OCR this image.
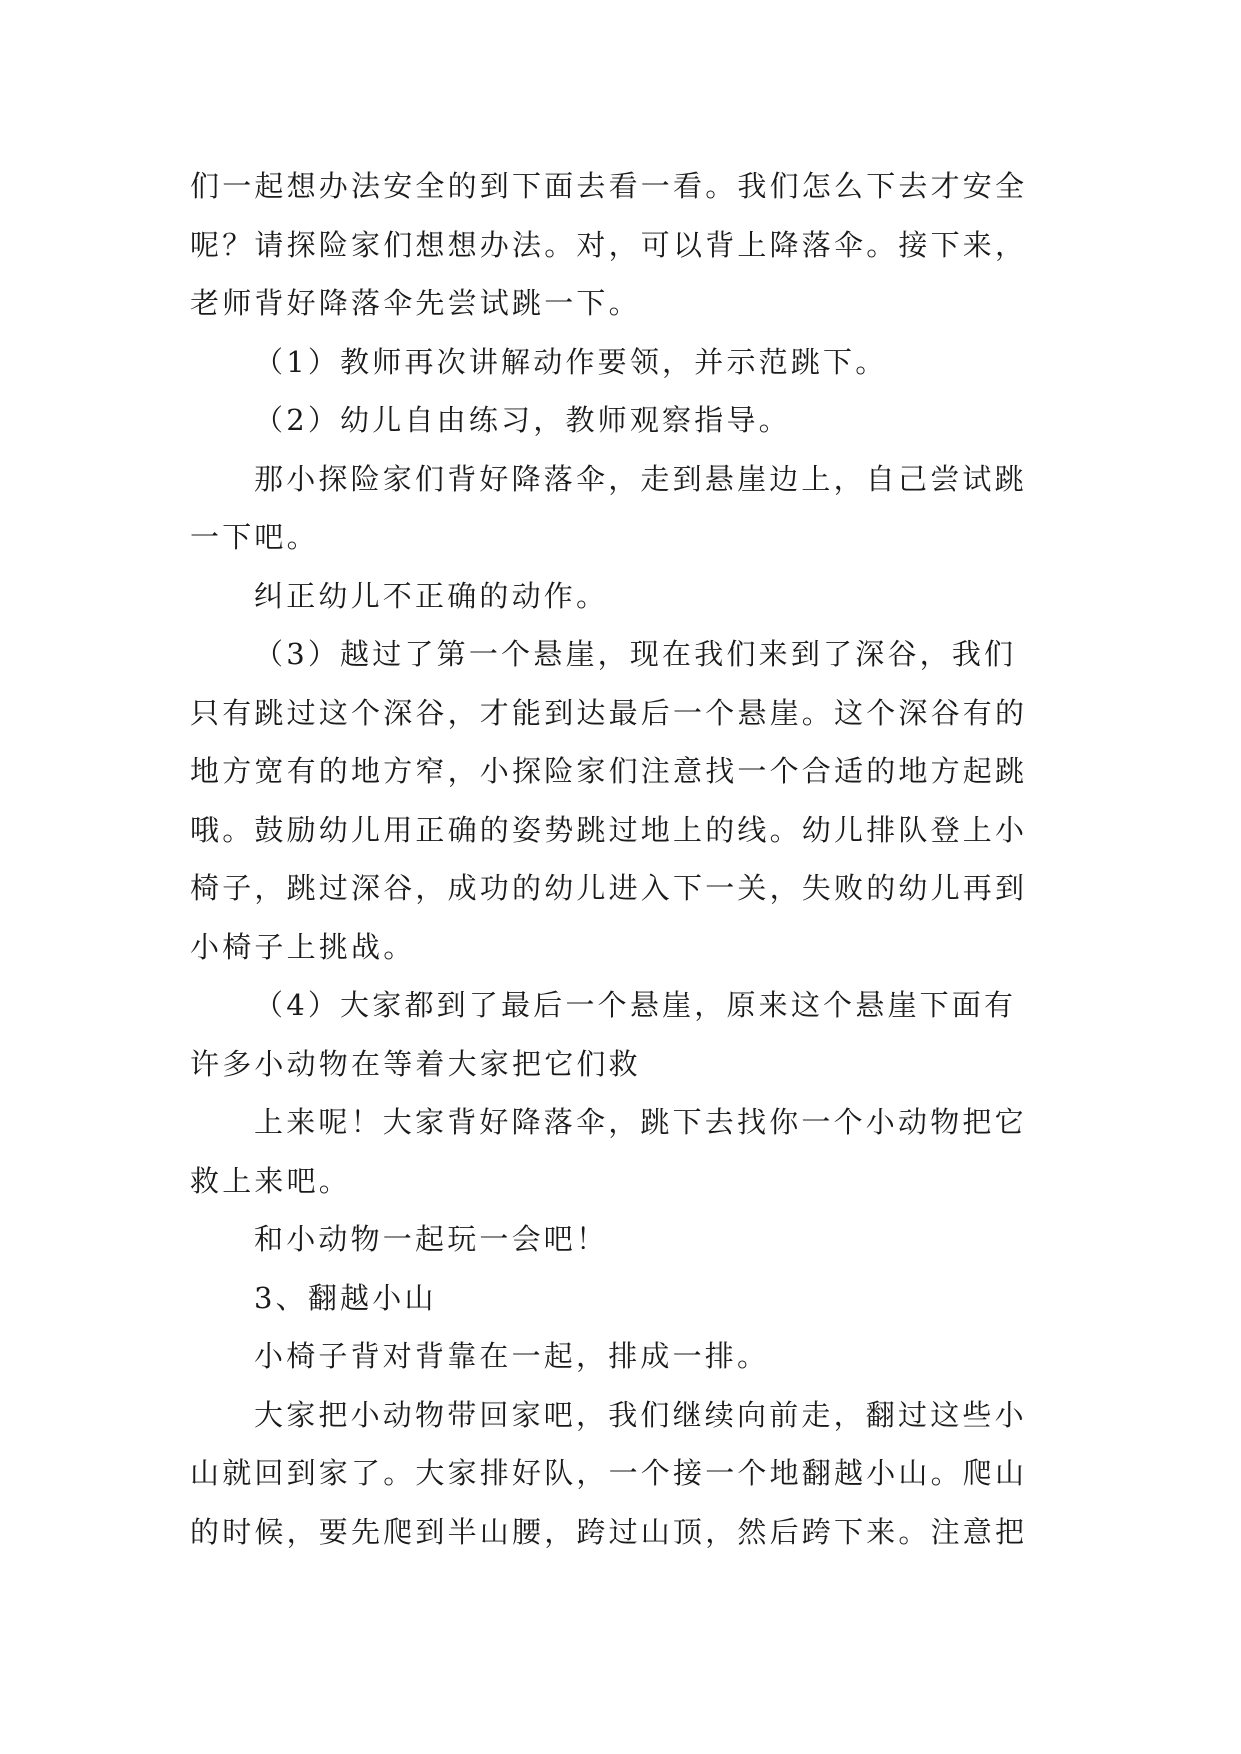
们一起想办法安全的到下面去看一看。我们怎么下去才安全
呢？请探险家们想想办法。对，可以背上降落伞。接下来，
老师背好降落伞先尝试跳一下。
（1）教师再次讲解动作要领，并示范跳下。
（2）幼儿自由练习，教师观察指导。
那小探险家们背好降落伞，走到悬崖边上，自己尝试跳
一下吧。
纠正幼儿不正确的动作。
（3）越过了第一个悬崖，现在我们来到了深谷，我们
只有跳过这个深谷，才能到达最后一个悬崖。这个深谷有的
地方宽有的地方窄，小探险家们注意找一个合适的地方起跳
哦。鼓励幼儿用正确的姿势跳过地上的线。幼儿排队登上小
椅子，跳过深谷，成功的幼儿进入下一关，失败的幼儿再到
小椅子上挑战。
（4）大家都到了最后一个悬崖，原来这个悬崖下面有
许多小动物在等着大家把它们救
上来呢！大家背好降落伞，跳下去找你一个小动物把它
救上来吧。
和小动物一起玩一会吧！
3、翻越小山
小椅子背对背靠在一起，排成一排。
大家把小动物带回家吧，我们继续向前走，翻过这些小
山就回到家了。大家排好队，一个接一个地翻越小山。爬山
的时候，要先爬到半山腰，跨过山顶，然后跨下来。注意把
